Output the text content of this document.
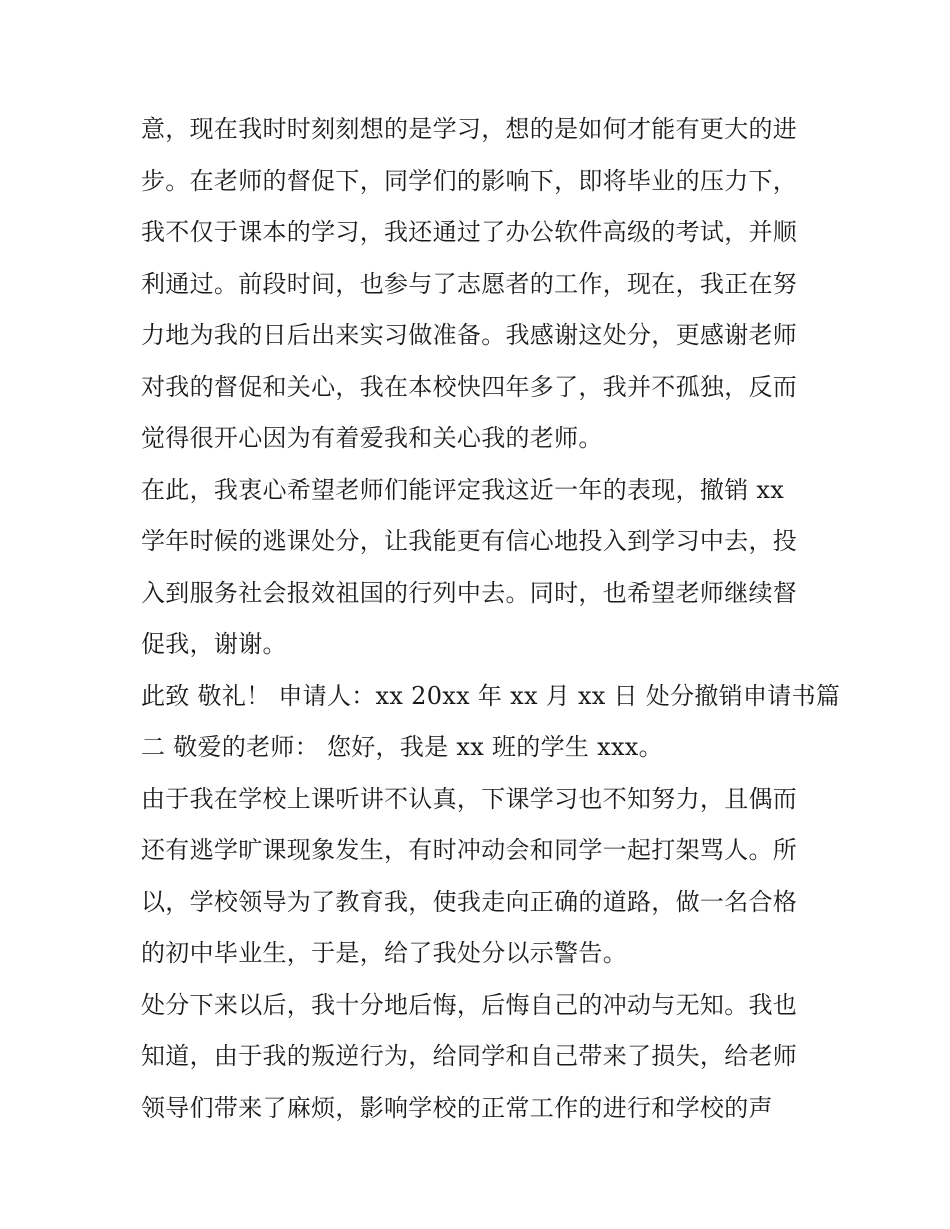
意，现在我时时刻刻想的是学习，想的是如何才能有更大的进
步。在老师的督促下，同学们的影响下，即将毕业的压力下，
我不仅于课本的学习，我还通过了办公软件高级的考试，并顺
利通过。前段时间，也参与了志愿者的工作，现在，我正在努
力地为我的日后出来实习做准备。我感谢这处分，更感谢老师
对我的督促和关心，我在本校快四年多了，我并不孤独，反而
觉得很开心因为有着爱我和关心我的老师。
在此，我衷心希望老师们能评定我这近一年的表现，撤销 xx
学年时候的逃课处分，让我能更有信心地投入到学习中去，投
入到服务社会报效祖国的行列中去。同时，也希望老师继续督
促我，谢谢。
此致 敬礼！ 申请人：xx 20xx 年 xx 月 xx 日 处分撤销申请书篇
二 敬爱的老师： 您好，我是 xx 班的学生 xxx。
由于我在学校上课听讲不认真，下课学习也不知努力，且偶而
还有逃学旷课现象发生，有时冲动会和同学一起打架骂人。所
以，学校领导为了教育我，使我走向正确的道路，做一名合格
的初中毕业生，于是，给了我处分以示警告。
处分下来以后，我十分地后悔，后悔自己的冲动与无知。我也
知道，由于我的叛逆行为，给同学和自己带来了损失，给老师
领导们带来了麻烦，影响学校的正常工作的进行和学校的声
